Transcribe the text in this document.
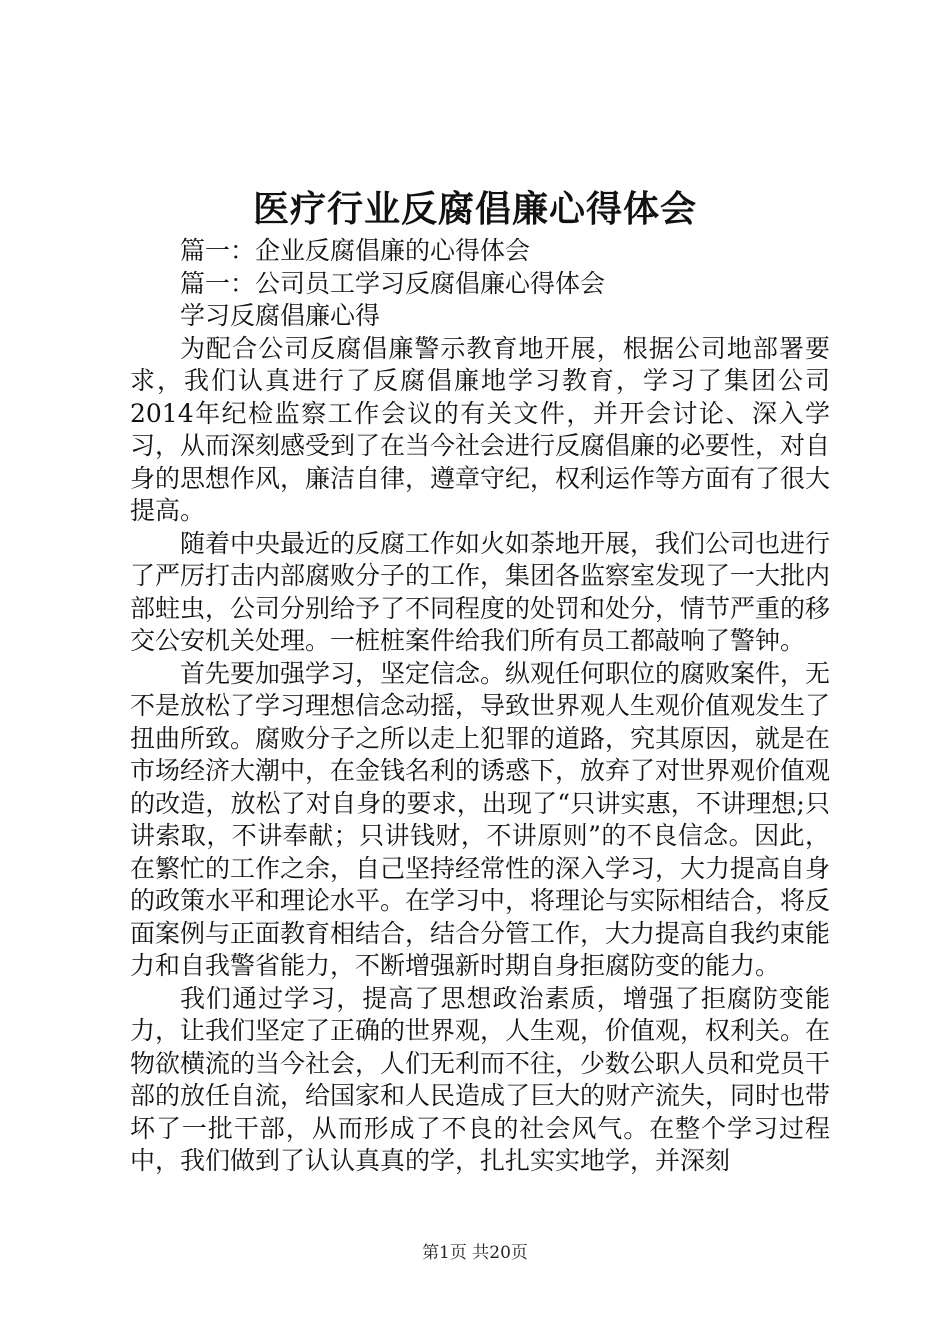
医疗行业反腐倡廉心得体会

篇一：企业反腐倡廉的心得体会

篇一：公司员工学习反腐倡廉心得体会

学习反腐倡廉心得

为配合公司反腐倡廉警示教育地开展，根据公司地部署要求，我们认真进行了反腐倡廉地学习教育，学习了集团公司2014年纪检监察工作会议的有关文件，并开会讨论、深入学习，从而深刻感受到了在当今社会进行反腐倡廉的必要性，对自身的思想作风，廉洁自律，遵章守纪，权利运作等方面有了很大提高。

随着中央最近的反腐工作如火如荼地开展，我们公司也进行了严厉打击内部腐败分子的工作，集团各监察室发现了一大批内部蛀虫，公司分别给予了不同程度的处罚和处分，情节严重的移交公安机关处理。一桩桩案件给我们所有员工都敲响了警钟。

首先要加强学习，坚定信念。纵观任何职位的腐败案件，无不是放松了学习理想信念动摇，导致世界观人生观价值观发生了扭曲所致。腐败分子之所以走上犯罪的道路，究其原因，就是在市场经济大潮中，在金钱名利的诱惑下，放弃了对世界观价值观的改造，放松了对自身的要求，出现了“只讲实惠，不讲理想;只讲索取，不讲奉献；只讲钱财，不讲原则”的不良信念。因此，在繁忙的工作之余，自己坚持经常性的深入学习，大力提高自身的政策水平和理论水平。在学习中，将理论与实际相结合，将反面案例与正面教育相结合，结合分管工作，大力提高自我约束能力和自我警省能力，不断增强新时期自身拒腐防变的能力。

我们通过学习，提高了思想政治素质，增强了拒腐防变能力，让我们坚定了正确的世界观，人生观，价值观，权利关。在物欲横流的当今社会，人们无利而不往，少数公职人员和党员干部的放任自流，给国家和人民造成了巨大的财产流失，同时也带坏了一批干部，从而形成了不良的社会风气。在整个学习过程中，我们做到了认认真真的学，扎扎实实地学，并深刻

第1页 共20页
